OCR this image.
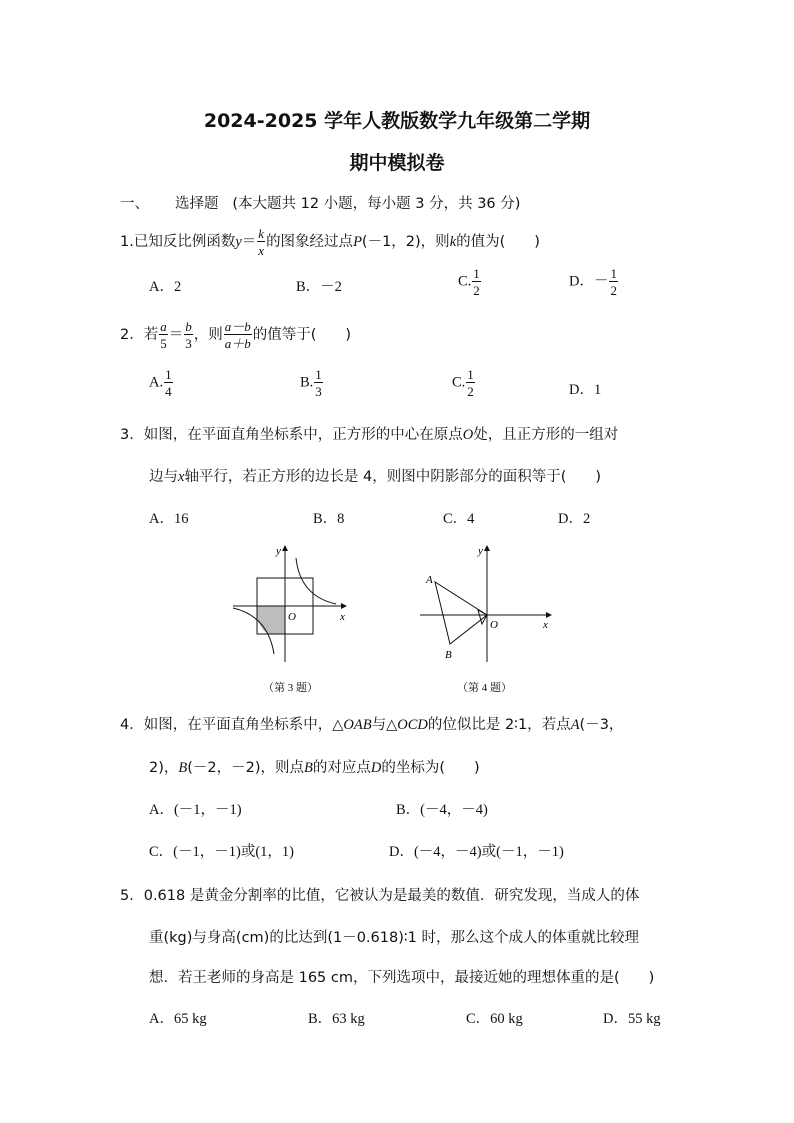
2024-2025 学年人教版数学九年级第二学期
期中模拟卷
一、 选择题 (本大题共 12 小题，每小题 3 分，共 36 分)
1.已知反比例函数$y= \frac{k}{x}$ 的图象经过点P(－1，2)，则k的值为(　　)
A．2	B．－2	C. $\frac{1}{2}$	D．－ $\frac{1}{2}$
2．若 $\frac{a}{5} = \frac{b}{3}$ ，则 $\frac{a-b}{a+b}$ 的值等于(　　)
A. $\frac{1}{4}$	B. $\frac{1}{3}$	C. $\frac{1}{2}$	D．1
3．如图，在平面直角坐标系中，正方形的中心在原点O处，且正方形的一组对
边与x轴平行，若正方形的边长是 4，则图中阴影部分的面积等于(　　)
A．16	B．8	C．4	D．2
y
x
O
（第 3 题）
y
x
O
A
B
（第 4 题）
4．如图，在平面直角坐标系中，△OAB与△OCD的位似比是 2∶1，若点A(－3，
2)，B(－2，－2)，则点B的对应点D的坐标为(　　)
A．(－1，－1)	B．(－4，－4)
C．(－1，－1)或(1，1)	D．(－4，－4)或(－1，－1)
5．0.618 是黄金分割率的比值，它被认为是最美的数值．研究发现，当成人的体
重(kg)与身高(cm)的比达到(1－0.618)∶1 时，那么这个成人的体重就比较理
想．若王老师的身高是 165 cm，下列选项中，最接近她的理想体重的是(　　)
A．65 kg	B．63 kg	C．60 kg	D．55 kg
